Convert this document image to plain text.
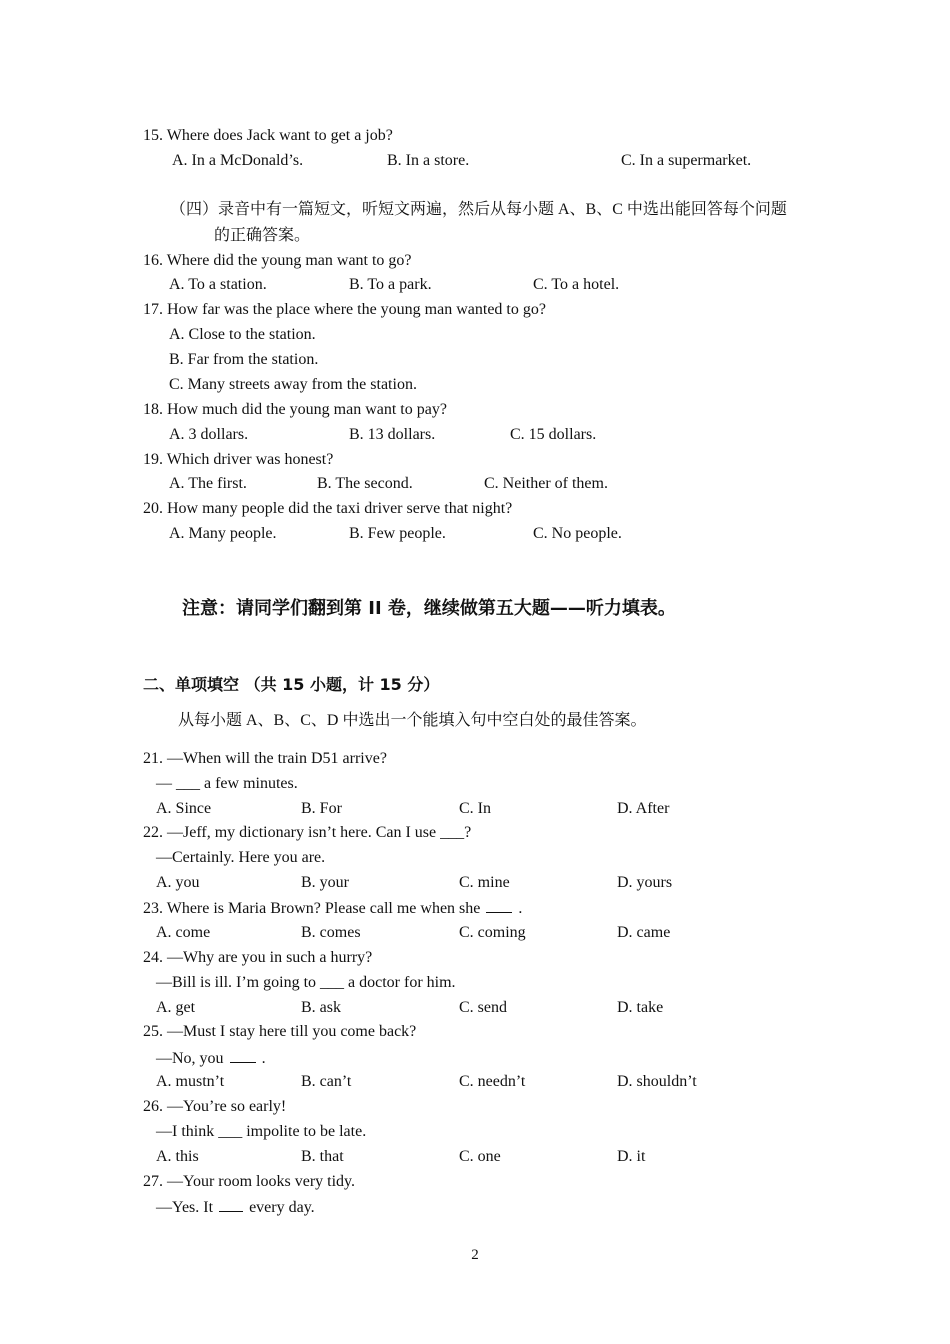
15. Where does Jack want to get a job?
A. In a McDonald’s.	B. In a store.	C. In a supermarket.
（四）录音中有一篇短文，听短文两遍，然后从每小题 A、B、C 中选出能回答每个问题
的正确答案。
16. Where did the young man want to go?
A. To a station.	B. To a park.	C. To a hotel.
17. How far was the place where the young man wanted to go?
A. Close to the station.
B. Far from the station.
C. Many streets away from the station.
18. How much did the young man want to pay?
A. 3 dollars.	B. 13 dollars.	C. 15 dollars.
19. Which driver was honest?
A. The first.	B. The second.	C. Neither of them.
20. How many people did the taxi driver serve that night?
A. Many people.	B. Few people.	C. No people.
注意：请同学们翻到第 II 卷，继续做第五大题——听力填表。
二、单项填空 （共 15 小题，计 15 分）
从每小题 A、B、C、D 中选出一个能填入句中空白处的最佳答案。
21. —When will the train D51 arrive?
— ___ a few minutes.
A. Since	B. For	C. In	D. After
22. —Jeff, my dictionary isn’t here. Can I use ___?
—Certainly. Here you are.
A. you	B. your	C. mine	D. yours
23. Where is Maria Brown? Please call me when she .
A. come	B. comes	C. coming	D. came
24. —Why are you in such a hurry?
—Bill is ill. I’m going to ___ a doctor for him.
A. get	B. ask	C. send	D. take
25. —Must I stay here till you come back?
—No, you .
A. mustn’t	B. can’t	C. needn’t	D. shouldn’t
26. —You’re so early!
—I think ___ impolite to be late.
A. this	B. that	C. one	D. it
27. —Your room looks very tidy.
—Yes. It every day.
2
